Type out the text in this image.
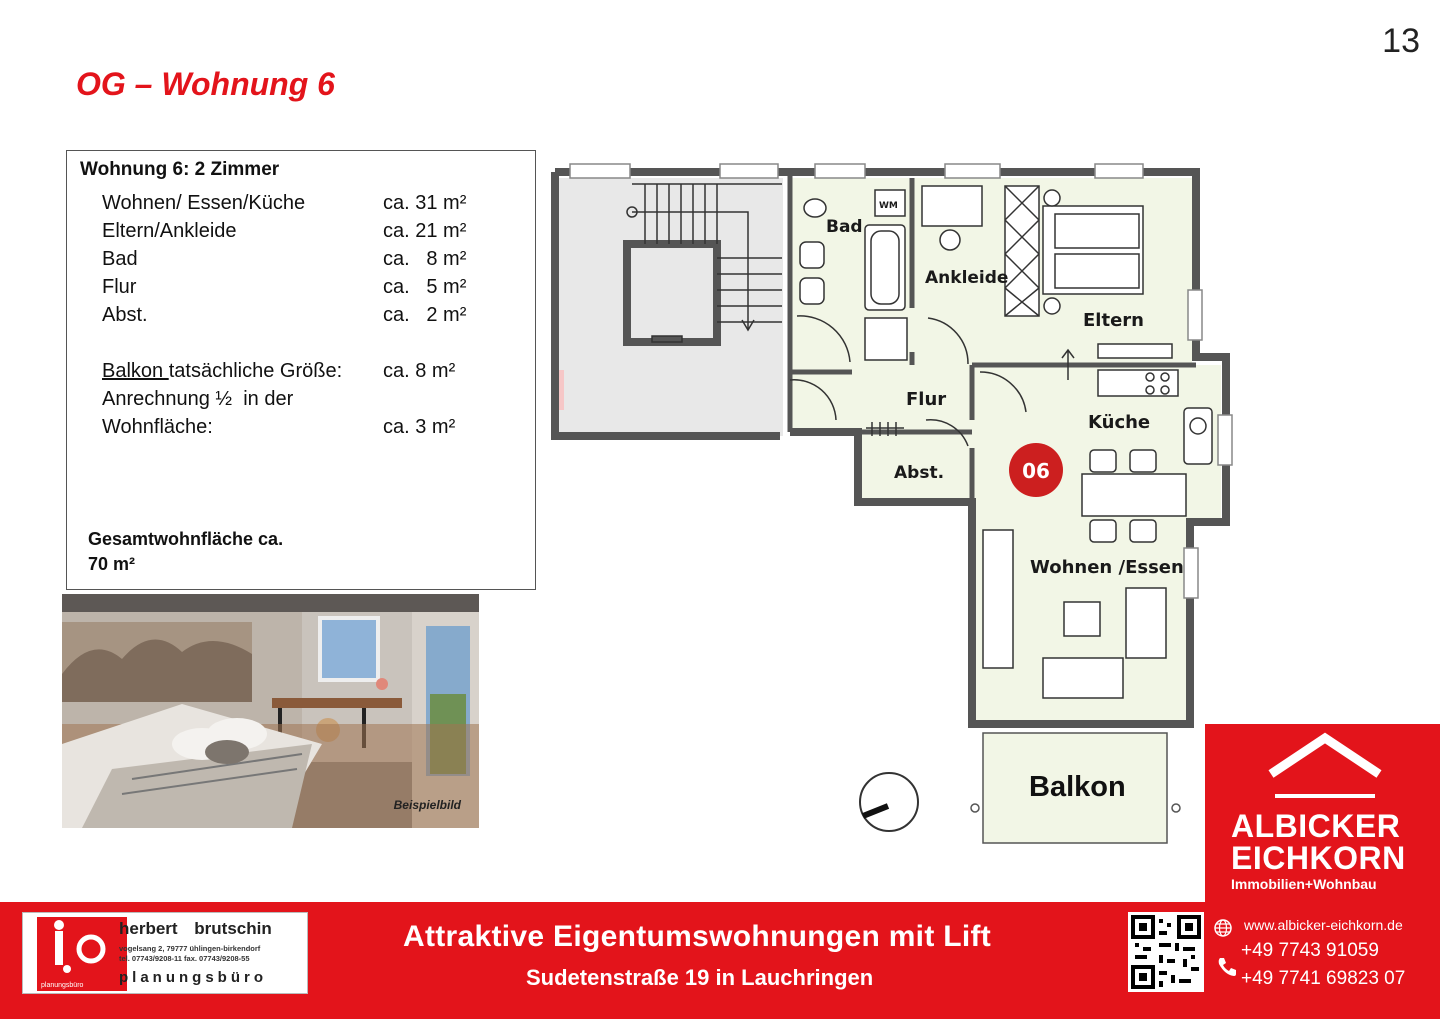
13
OG – Wohnung 6
Wohnung 6: 2 Zimmer
Wohnen/ Essen/Küche	ca. 31 m²
Eltern/Ankleide	ca. 21 m²
Bad	ca.   8 m²
Flur	ca.   5 m²
Abst.	ca.   2 m²
Balkon tatsächliche Größe:	ca. 8 m²
Anrechnung ½  in der
Wohnfläche:	ca. 3 m²
Gesamtwohnfläche ca.
70 m²
Beispielbild
06
Bad
WM
Ankleide
Eltern
Flur
Küche
Abst.
Wohnen /Essen
Balkon
ALBICKER
EICHKORN
Immobilien+Wohnbau
planungsbüro
herbert brutschin
vogelsang 2, 79777 ühlingen-birkendorf
tel. 07743/9208-11 fax. 07743/9208-55
planungsbüro
Attraktive Eigentumswohnungen mit Lift
Sudetenstraße 19 in Lauchringen
www.albicker-eichkorn.de
+49 7743 91059
+49 7741 69823 07
